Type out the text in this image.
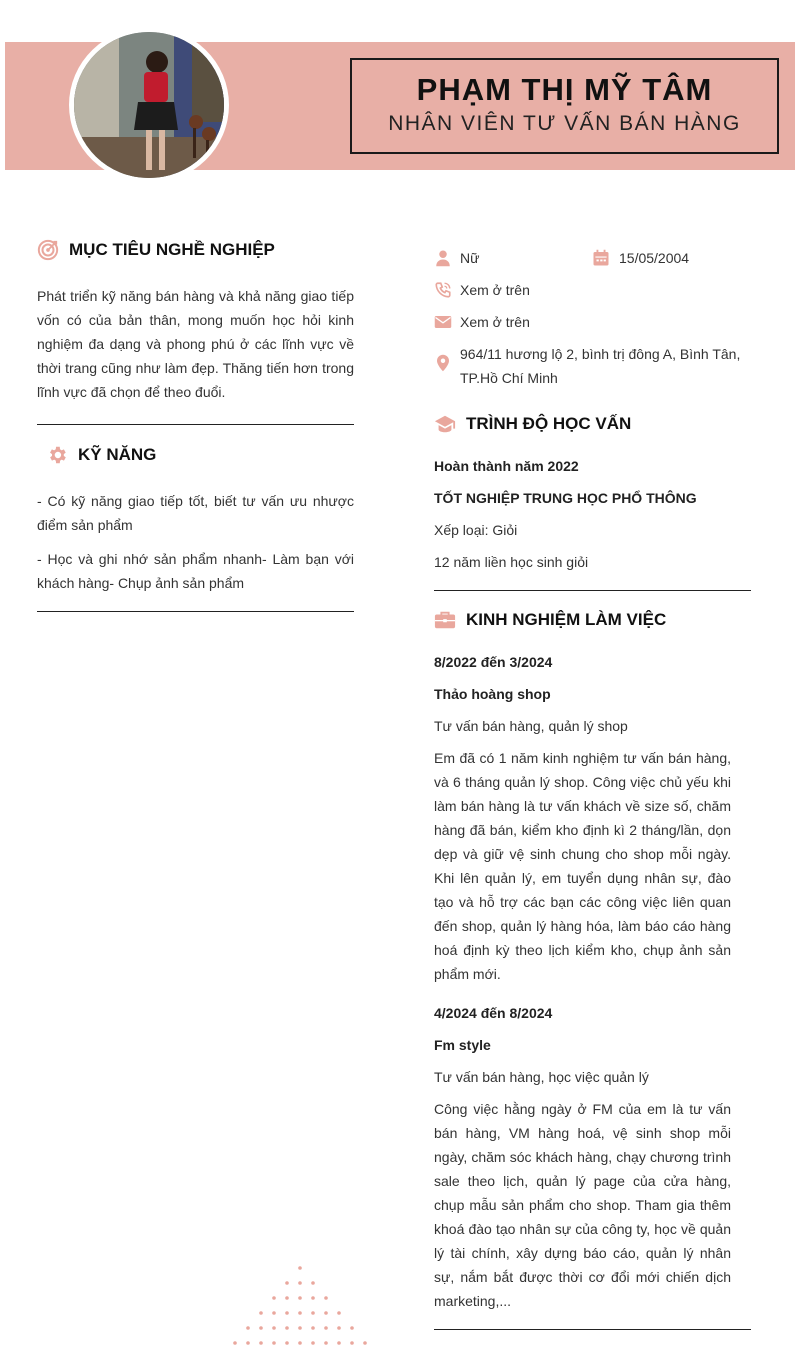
PHẠM THỊ MỸ TÂM
NHÂN VIÊN TƯ VẤN BÁN HÀNG
MỤC TIÊU NGHỀ NGHIỆP
Phát triển kỹ năng bán hàng và khả năng giao tiếp vốn có của bản thân, mong muốn học hỏi kinh nghiệm đa dạng và phong phú ở các lĩnh vực về thời trang cũng như làm đẹp. Thăng tiến hơn trong lĩnh vực đã chọn để theo đuổi.
KỸ NĂNG
- Có kỹ năng giao tiếp tốt, biết tư vấn ưu nhược điểm sản phẩm
- Học và ghi nhớ sản phẩm nhanh- Làm bạn với khách hàng- Chụp ảnh sản phẩm
Nữ	15/05/2004
Xem ở trên
Xem ở trên
964/11 hương lộ 2, bình trị đông A, Bình Tân, TP.Hồ Chí Minh
TRÌNH ĐỘ HỌC VẤN
Hoàn thành năm 2022
TỐT NGHIỆP TRUNG HỌC PHỔ THÔNG
Xếp loại: Giỏi
12 năm liền học sinh giỏi
KINH NGHIỆM LÀM VIỆC
8/2022 đến 3/2024
Thảo hoàng shop
Tư vấn bán hàng, quản lý shop
Em đã có 1 năm kinh nghiệm tư vấn bán hàng, và 6 tháng quản lý shop. Công việc chủ yếu khi làm bán hàng là tư vấn khách về size số, chăm hàng đã bán, kiểm kho định kì 2 tháng/lần, dọn dẹp và giữ vệ sinh chung cho shop mỗi ngày. Khi lên quản lý, em tuyển dụng nhân sự, đào tạo và hỗ trợ các bạn các công việc liên quan đến shop, quản lý hàng hóa, làm báo cáo hàng hoá định kỳ theo lịch kiểm kho, chụp ảnh sản phẩm mới.
4/2024 đến 8/2024
Fm style
Tư vấn bán hàng, học việc quản lý
Công việc hằng ngày ở FM của em là tư vấn bán hàng, VM hàng hoá, vệ sinh shop mỗi ngày, chăm sóc khách hàng, chạy chương trình sale theo lịch, quản lý page của cửa hàng, chụp mẫu sản phẩm cho shop. Tham gia thêm khoá đào tạo nhân sự của công ty, học về quản lý tài chính, xây dựng báo cáo, quản lý nhân sự, nắm bắt được thời cơ đổi mới chiến dịch marketing,...
